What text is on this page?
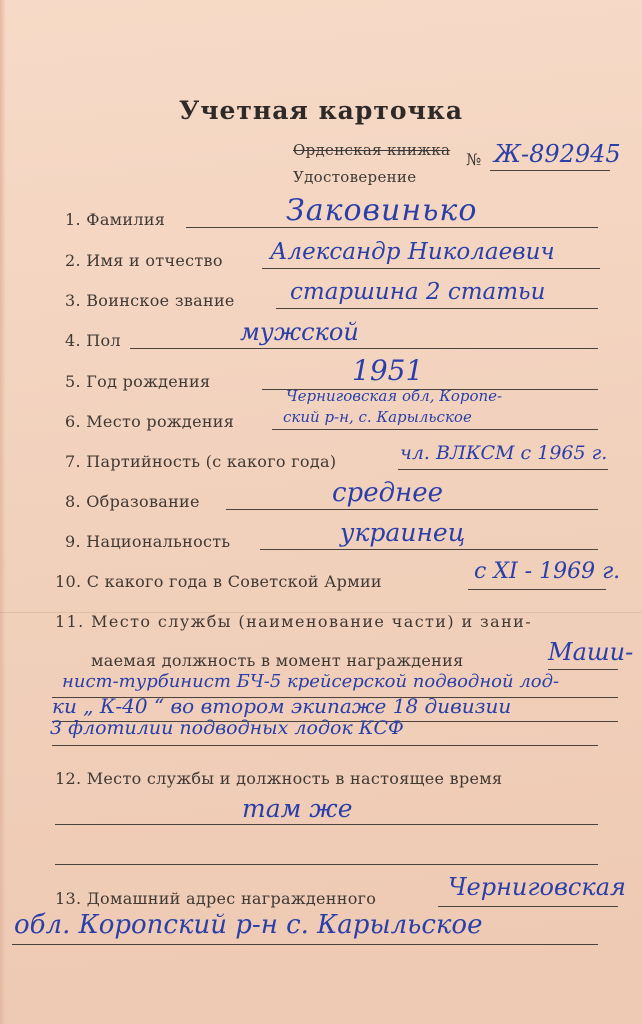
Учетная карточка
Орденская книжка № Ж-892945
Удостоверение
1. Фамилия	Заковинько
2. Имя и отчество Александр Николаевич
3. Воинское звание старшина 2 статьи
4. Пол	мужской
5. Год рождения	1951
6. Место рождения
Черниговская обл, Коропе-
ский р-н, с. Карыльское
7. Партийность (с какого года)	чл. ВЛКСМ с 1965 г.
8. Образование	среднее
9. Национальность	украинец
10. С какого года в Советской Армии	с XI - 1969 г.
11. Место службы (наименование части) и зани-
маемая должность в момент награждения	Маши-
нист-турбинист БЧ-5 крейсерской подводной лод-
ки „ К-40 “ во втором экипаже 18 дивизии
3 флотилии подводных лодок КСФ
12. Место службы и должность в настоящее время
там же
13. Домашний адрес награжденного	Черниговская
обл. Коропский р-н с. Карыльское
